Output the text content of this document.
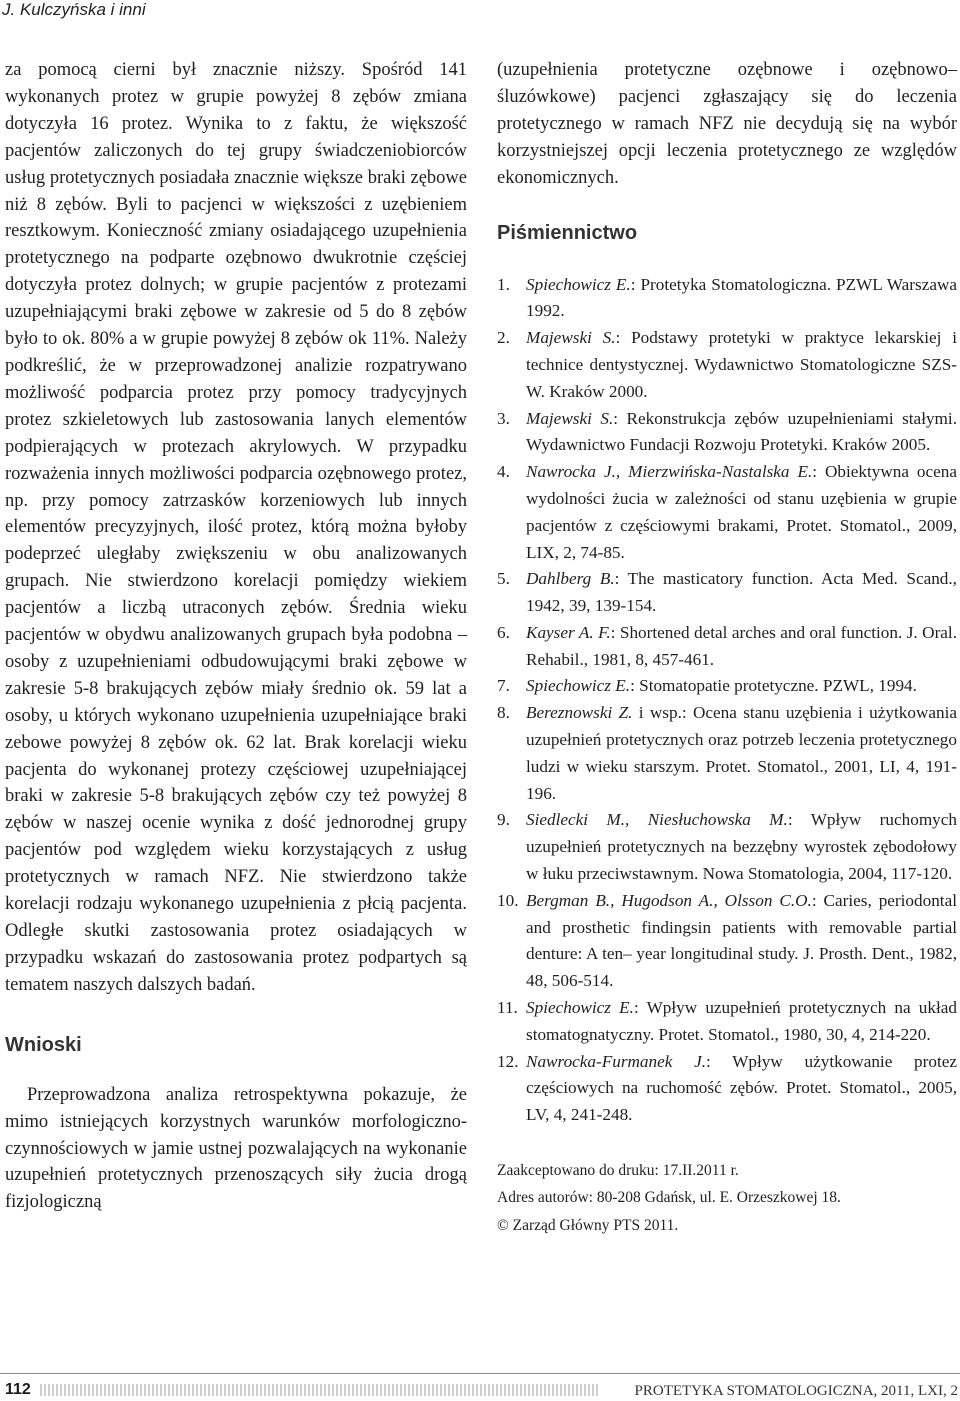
J. Kulczyńska i inni

za pomocą cierni był znacznie niższy. Spośród 141 wykonanych protez w grupie powyżej 8 zębów zmiana dotyczyła 16 protez. Wynika to z faktu, że większość pacjentów zaliczonych do tej grupy świadczeniobiorców usług protetycznych posiadała znacznie większe braki zębowe niż 8 zębów. Byli to pacjenci w większości z uzębieniem resztkowym. Konieczność zmiany osiadającego uzupełnienia protetycznego na podparte ozębnowo dwukrotnie częściej dotyczyła protez dolnych; w grupie pacjentów z protezami uzupełniającymi braki zębowe w zakresie od 5 do 8 zębów było to ok. 80% a w grupie powyżej 8 zębów ok 11%. Należy podkreślić, że w przeprowadzonej analizie rozpatrywano możliwość podparcia protez przy pomocy tradycyjnych protez szkieletowych lub zastosowania lanych elementów podpierających w protezach akrylowych. W przypadku rozważenia innych możliwości podparcia ozębnowego protez, np. przy pomocy zatrzasków korzeniowych lub innych elementów precyzyjnych, ilość protez, którą można byłoby podeprzeć uległaby zwiększeniu w obu analizowanych grupach. Nie stwierdzono korelacji pomiędzy wiekiem pacjentów a liczbą utraconych zębów. Średnia wieku pacjentów w obydwu analizowanych grupach była podobna – osoby z uzupełnieniami odbudowującymi braki zębowe w zakresie 5-8 brakujących zębów miały średnio ok. 59 lat a osoby, u których wykonano uzupełnienia uzupełniające braki zebowe powyżej 8 zębów ok. 62 lat. Brak korelacji wieku pacjenta do wykonanej protezy częściowej uzupełniającej braki w zakresie 5-8 brakujących zębów czy też powyżej 8 zębów w naszej ocenie wynika z dość jednorodnej grupy pacjentów pod względem wieku korzystających z usług protetycznych w ramach NFZ. Nie stwierdzono także korelacji rodzaju wykonanego uzupełnienia z płcią pacjenta. Odległe skutki zastosowania protez osiadających w przypadku wskazań do zastosowania protez podpartych są tematem naszych dalszych badań.

Wnioski

Przeprowadzona analiza retrospektywna pokazuje, że mimo istniejących korzystnych warunków morfologiczno-czynnościowych w jamie ustnej pozwalających na wykonanie uzupełnień protetycznych przenoszących siły żucia drogą fizjologiczną

(uzupełnienia protetyczne ozębnowe i ozębnowo–śluzówkowe) pacjenci zgłaszający się do leczenia protetycznego w ramach NFZ nie decydują się na wybór korzystniejszej opcji leczenia protetycznego ze względów ekonomicznych.

Piśmiennictwo
1. Spiechowicz E.: Protetyka Stomatologiczna. PZWL Warszawa 1992.
2. Majewski S.: Podstawy protetyki w praktyce lekarskiej i technice dentystycznej. Wydawnictwo Stomatologiczne SZS-W. Kraków 2000.
3. Majewski S.: Rekonstrukcja zębów uzupełnieniami stałymi. Wydawnictwo Fundacji Rozwoju Protetyki. Kraków 2005.
4. Nawrocka J., Mierzwińska-Nastalska E.: Obiektywna ocena wydolności żucia w zależności od stanu uzębienia w grupie pacjentów z częściowymi brakami, Protet. Stomatol., 2009, LIX, 2, 74-85.
5. Dahlberg B.: The masticatory function. Acta Med. Scand., 1942, 39, 139-154.
6. Kayser A. F.: Shortened detal arches and oral function. J. Oral. Rehabil., 1981, 8, 457-461.
7. Spiechowicz E.: Stomatopatie protetyczne. PZWL, 1994.
8. Bereznowski Z. i wsp.: Ocena stanu uzębienia i użytkowania uzupełnień protetycznych oraz potrzeb leczenia protetycznego ludzi w wieku starszym. Protet. Stomatol., 2001, LI, 4, 191-196.
9. Siedlecki M., Niesłuchowska M.: Wpływ ruchomych uzupełnień protetycznych na bezzębny wyrostek zębodołowy w łuku przeciwstawnym. Nowa Stomatologia, 2004, 117-120.
10. Bergman B., Hugodson A., Olsson C.O.: Caries, periodontal and prosthetic findingsin patients with removable partial denture: A ten– year longitudinal study. J. Prosth. Dent., 1982, 48, 506-514.
11. Spiechowicz E.: Wpływ uzupełnień protetycznych na układ stomatognatyczny. Protet. Stomatol., 1980, 30, 4, 214-220.
12. Nawrocka-Furmanek J.: Wpływ użytkowanie protez częściowych na ruchomość zębów. Protet. Stomatol., 2005, LV, 4, 241-248.
Zaakceptowano do druku: 17.II.2011 r.
Adres autorów: 80-208 Gdańsk, ul. E. Orzeszkowej 18.
© Zarząd Główny PTS 2011.
112	PROTETYKA STOMATOLOGICZNA, 2011, LXI, 2
